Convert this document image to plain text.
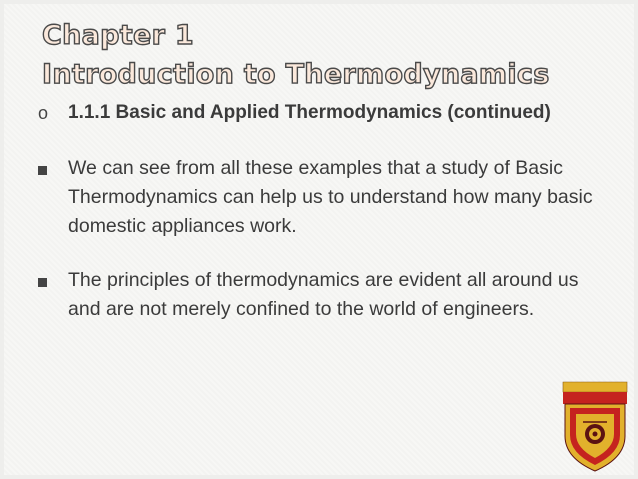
Chapter 1
Introduction to Thermodynamics
o	1.1.1 Basic and Applied Thermodynamics (continued)
We can see from all these examples that a study of Basic Thermodynamics can help us to understand how many basic domestic appliances work.
The principles of thermodynamics are evident all around us and are not merely confined to the world of engineers.
